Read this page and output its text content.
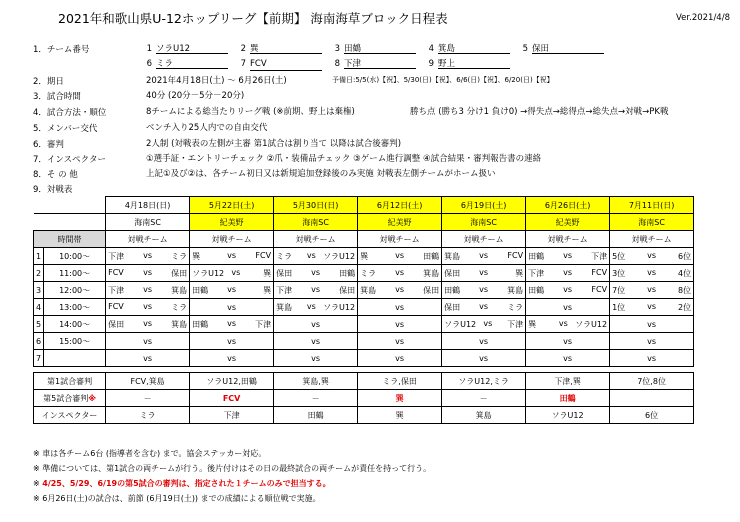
2021年和歌山県U-12ホップリーグ【前期】 海南海草ブロック日程表	Ver.2021/4/8
1．チーム番号	1 ソラU12	2 巽	3 田鶴	4 箕島	5 保田
6 ミラ	7 FCV	8 下津	9 野上
2．期日	2021年4月18日(土) ～ 6月26日(土)	予備日:5/5(水)【祝】、5/30(日)【祝】、6/6(日)【祝】、6/20(日)【祝】
3．試合時間	40分 (20分－5分－20分)
4．試合方法・順位	8チームによる総当たりリーグ戦 (※前期、野上は棄権)	勝ち点 (勝ち3 分け1 負け0) →得失点→総得点→総失点→対戦→PK戦
5．メンバー交代	ベンチ入り25人内での自由交代
6．審判	2人制 (対戦表の左側が主審 第1試合は割り当て 以降は試合後審判)
7．インスペクター	①選手証・エントリーチェック ②爪・装備品チェック ③ゲーム進行調整 ④試合結果・審判報告書の連絡
8．そ の 他	上記①及び②は、各チーム初日又は新規追加登録後のみ実施 対戦表左側チームがホーム扱い
9．対戦表
		4月18日(日)	5月22日(土)	5月30日(日)	6月12日(土)	6月19日(土)	6月26日(土)	7月11日(日)
		海南SC	紀美野	海南SC	紀美野	海南SC	紀美野	海南SC
時間帯		対戦チーム	対戦チーム	対戦チーム	対戦チーム	対戦チーム	対戦チーム	対戦チーム
1	10:00～	下津 vs ミラ	巽 vs FCV	ミラ vs ソラU12	巽 vs 田鶴	箕島 vs FCV	田鶴 vs 下津	5位 vs 6位

2	11:00～	FCV vs 保田	ソラU12 vs 巽	保田 vs 田鶴	ミラ vs 箕島	保田 vs 巽	下津 vs FCV	3位 vs 4位

3	12:00～	下津 vs 箕島	田鶴 vs 巽	下津 vs 保田	箕島 vs 保田	田鶴 vs 箕島	田鶴 vs FCV	7位 vs 8位

4	13:00～	FCV vs ミラ	vs	箕島 vs ソラU12	vs	保田 vs ミラ	vs	1位 vs 2位

5	14:00～	保田 vs 箕島	田鶴 vs 下津	vs	vs	ソラU12 vs 下津	巽 vs ソラU12	vs

6	15:00～	vs	vs	vs	vs	vs	vs	vs

7		vs	vs	vs	vs	vs	vs	vs

第1試合審判		FCV,箕島	ソラU12,田鶴	箕島,巽	ミラ,保田	ソラU12,ミラ	下津,巽	7位,8位
第5試合審判※		－	FCV	－	巽	－	田鶴	
インスペクター		ミラ	下津	田鶴	巽	箕島	ソラU12	6位
※ 車は各チーム6台 (指導者を含む) まで。協会ステッカー対応。
※ 準備については、第1試合の両チームが行う。後片付けはその日の最終試合の両チームが責任を持って行う。
※ 4/25、5/29、6/19の第5試合の審判は、指定された１チームのみで担当する。
※ 6月26日(土)の試合は、前節 (6月19日(土)) までの成績による順位戦で実施。
